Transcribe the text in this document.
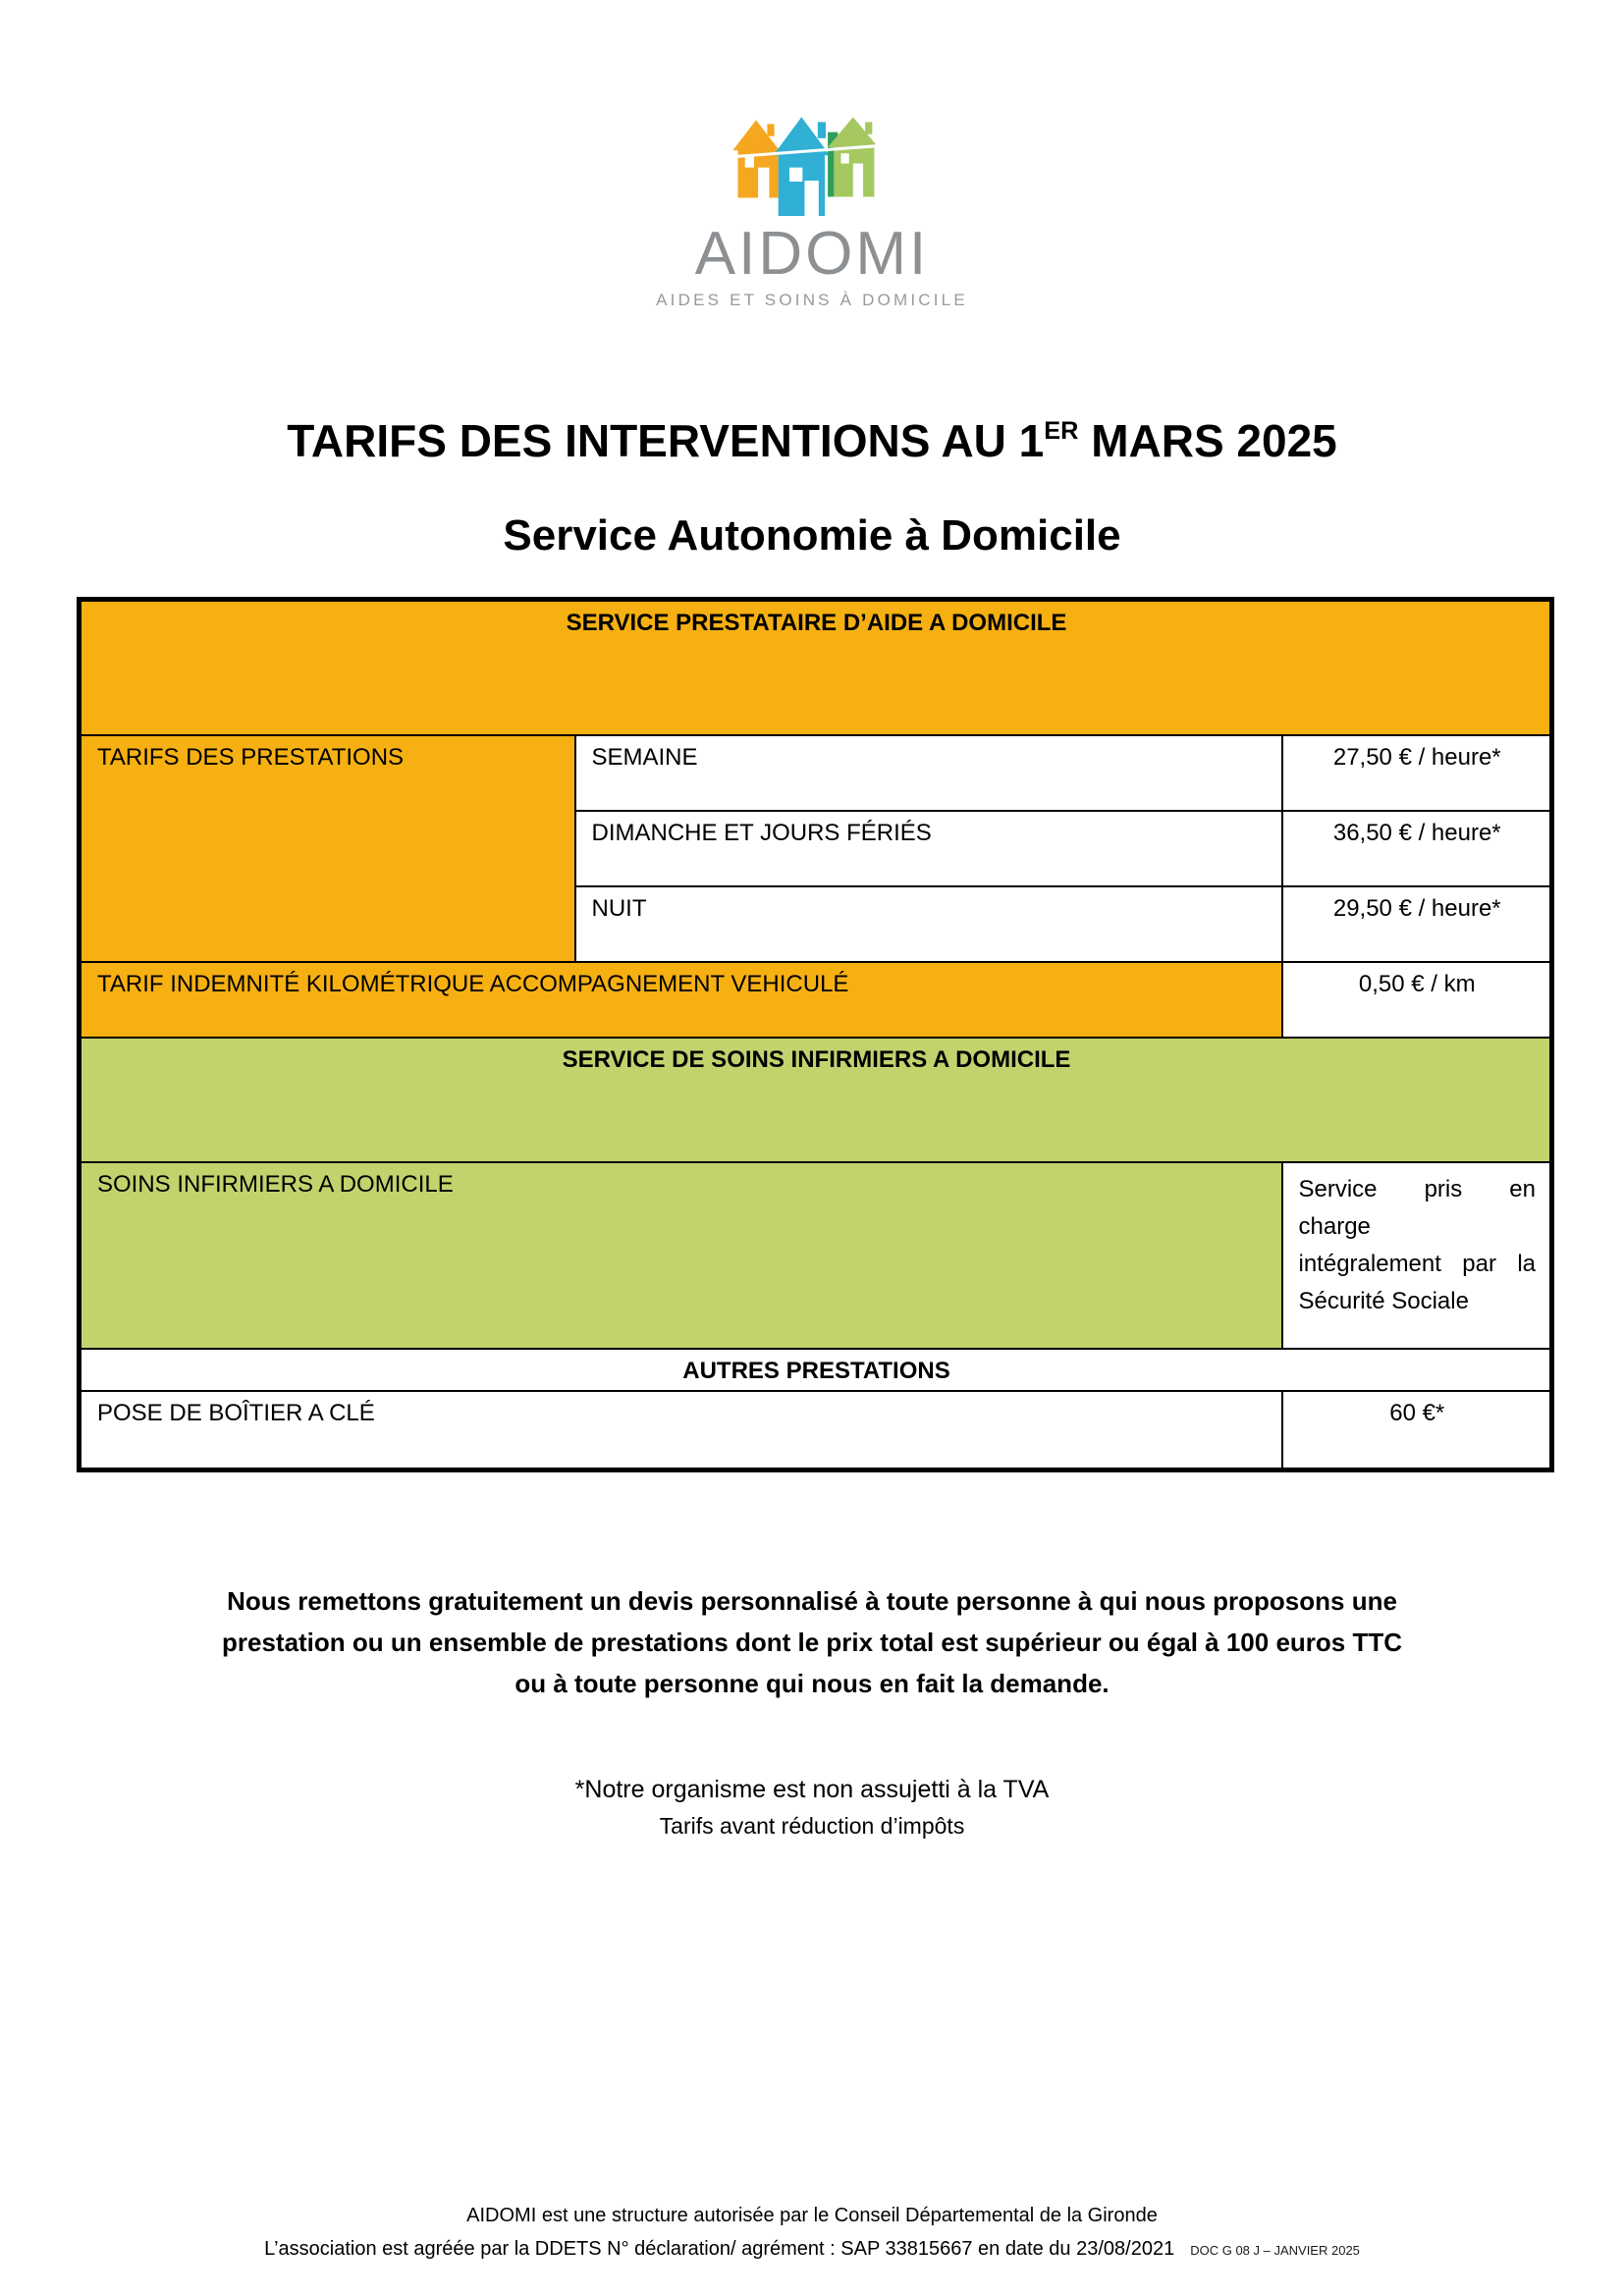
AIDOMI
AIDES ET SOINS À DOMICILE
TARIFS DES INTERVENTIONS AU 1ER MARS 2025
Service Autonomie à Domicile
SERVICE PRESTATAIRE D’AIDE A DOMICILE		
TARIFS DES PRESTATIONS	SEMAINE	27,50 € / heure*
	DIMANCHE ET JOURS FÉRIÉS	36,50 € / heure*
	NUIT	29,50 € / heure*
TARIF INDEMNITÉ KILOMÉTRIQUE ACCOMPAGNEMENT VEHICULÉ		0,50 € / km
SERVICE DE SOINS INFIRMIERS A DOMICILE		
SOINS INFIRMIERS A DOMICILE		Service pris en
charge
intégralement par la
Sécurité Sociale

AUTRES PRESTATIONS		
POSE DE BOÎTIER A CLÉ		60 €*
Nous remettons gratuitement un devis personnalisé à toute personne à qui nous proposons une
prestation ou un ensemble de prestations dont le prix total est supérieur ou égal à 100 euros TTC
ou à toute personne qui nous en fait la demande.
*Notre organisme est non assujetti à la TVA
Tarifs avant réduction d’impôts
AIDOMI est une structure autorisée par le Conseil Départemental de la Gironde
L’association est agréée par la DDETS N° déclaration/ agrément : SAP 33815667 en date du 23/08/2021 DOC G 08 J – JANVIER 2025
